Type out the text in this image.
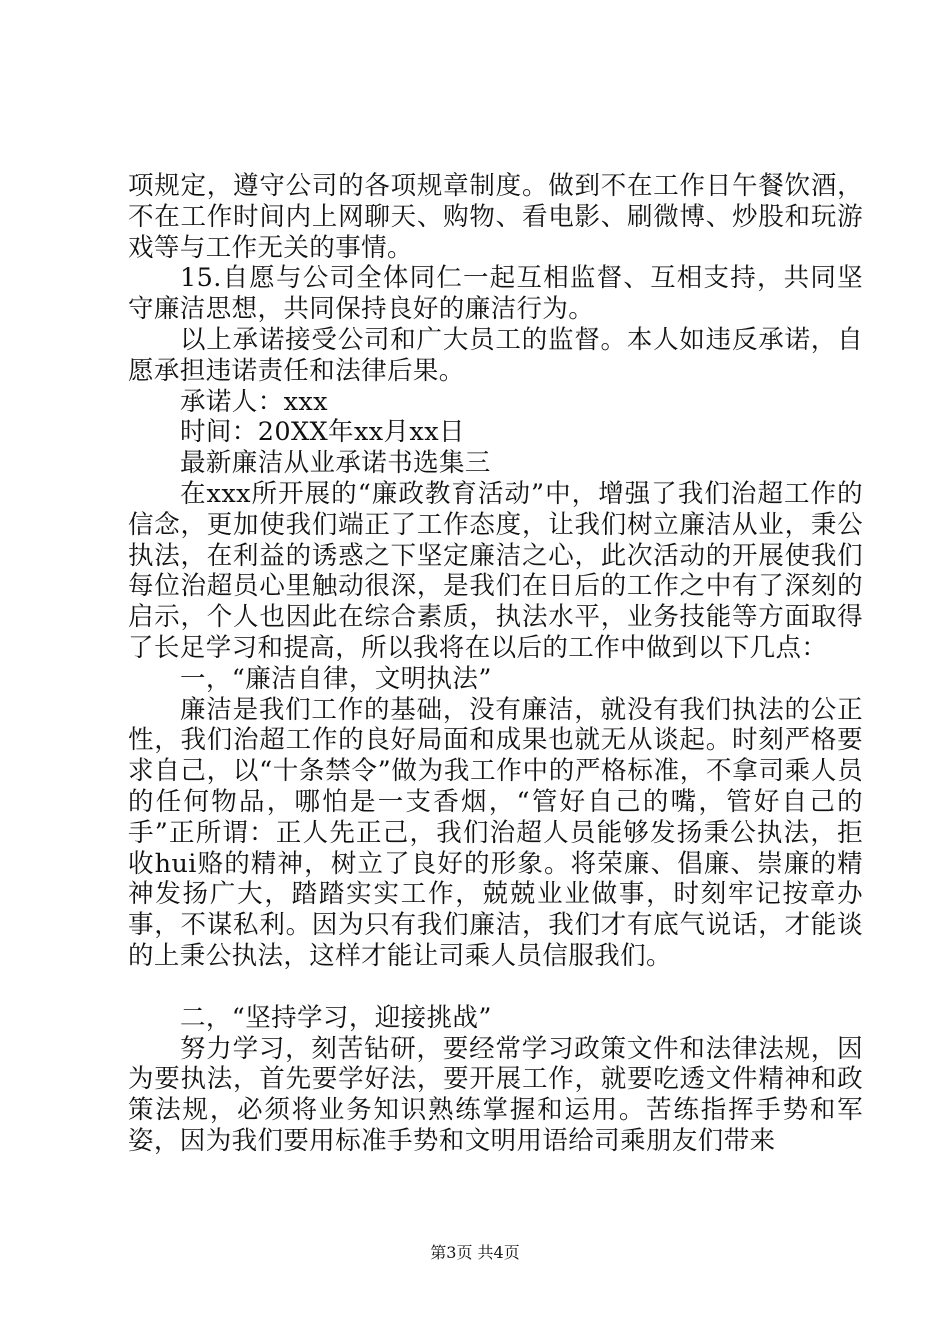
项规定，遵守公司的各项规章制度。做到不在工作日午餐饮酒，不在工作时间内上网聊天、购物、看电影、刷微博、炒股和玩游戏等与工作无关的事情。

15.自愿与公司全体同仁一起互相监督、互相支持，共同坚守廉洁思想，共同保持良好的廉洁行为。

以上承诺接受公司和广大员工的监督。本人如违反承诺，自愿承担违诺责任和法律后果。

承诺人：xxx

时间：20XX年xx月xx日

最新廉洁从业承诺书选集三

在xxx所开展的“廉政教育活动”中，增强了我们治超工作的信念，更加使我们端正了工作态度，让我们树立廉洁从业，秉公执法，在利益的诱惑之下坚定廉洁之心，此次活动的开展使我们每位治超员心里触动很深，是我们在日后的工作之中有了深刻的启示，个人也因此在综合素质，执法水平，业务技能等方面取得了长足学习和提高，所以我将在以后的工作中做到以下几点：

一，“廉洁自律，文明执法”

廉洁是我们工作的基础，没有廉洁，就没有我们执法的公正性，我们治超工作的良好局面和成果也就无从谈起。时刻严格要求自己，以“十条禁令”做为我工作中的严格标准，不拿司乘人员的任何物品，哪怕是一支香烟，“管好自己的嘴，管好自己的手”正所谓：正人先正己，我们治超人员能够发扬秉公执法，拒收hui赂的精神，树立了良好的形象。将荣廉、倡廉、崇廉的精神发扬广大，踏踏实实工作，兢兢业业做事，时刻牢记按章办事，不谋私利。因为只有我们廉洁，我们才有底气说话，才能谈的上秉公执法，这样才能让司乘人员信服我们。

二，“坚持学习，迎接挑战”

努力学习，刻苦钻研，要经常学习政策文件和法律法规，因为要执法，首先要学好法，要开展工作，就要吃透文件精神和政策法规，必须将业务知识熟练掌握和运用。苦练指挥手势和军姿，因为我们要用标准手势和文明用语给司乘朋友们带来

第3页 共4页
